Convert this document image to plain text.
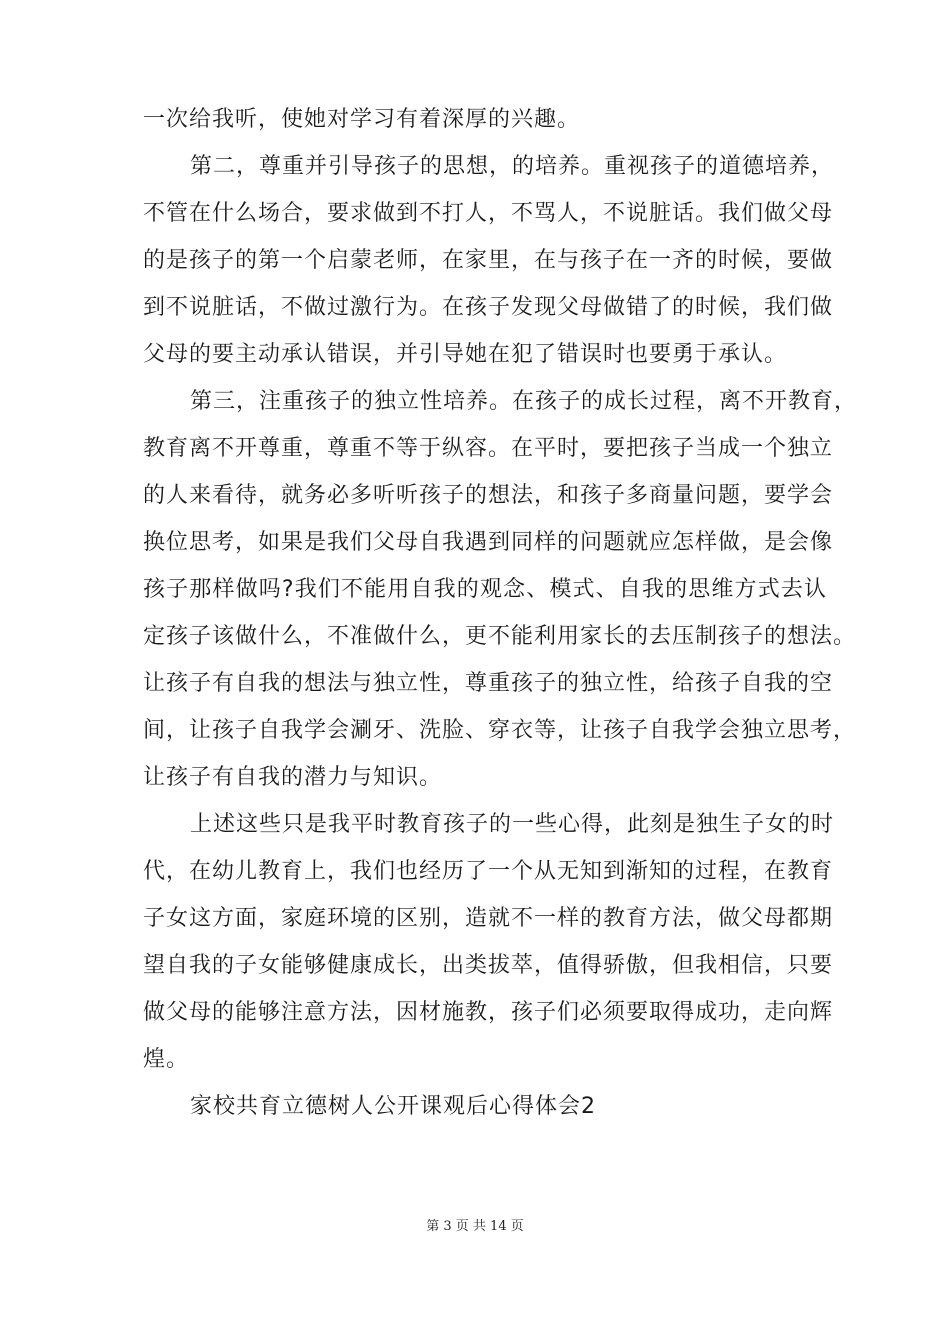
一次给我听，使她对学习有着深厚的兴趣。
第二，尊重并引导孩子的思想，的培养。重视孩子的道德培养，
不管在什么场合，要求做到不打人，不骂人，不说脏话。我们做父母
的是孩子的第一个启蒙老师，在家里，在与孩子在一齐的时候，要做
到不说脏话，不做过激行为。在孩子发现父母做错了的时候，我们做
父母的要主动承认错误，并引导她在犯了错误时也要勇于承认。
第三，注重孩子的独立性培养。在孩子的成长过程，离不开教育，
教育离不开尊重，尊重不等于纵容。在平时，要把孩子当成一个独立
的人来看待，就务必多听听孩子的想法，和孩子多商量问题，要学会
换位思考，如果是我们父母自我遇到同样的问题就应怎样做，是会像
孩子那样做吗?我们不能用自我的观念、模式、自我的思维方式去认
定孩子该做什么，不准做什么，更不能利用家长的去压制孩子的想法。
让孩子有自我的想法与独立性，尊重孩子的独立性，给孩子自我的空
间，让孩子自我学会涮牙、洗脸、穿衣等，让孩子自我学会独立思考，
让孩子有自我的潜力与知识。
上述这些只是我平时教育孩子的一些心得，此刻是独生子女的时
代，在幼儿教育上，我们也经历了一个从无知到渐知的过程，在教育
子女这方面，家庭环境的区别，造就不一样的教育方法，做父母都期
望自我的子女能够健康成长，出类拔萃，值得骄傲，但我相信，只要
做父母的能够注意方法，因材施教，孩子们必须要取得成功，走向辉
煌。
家校共育立德树人公开课观后心得体会2
第 3 页 共 14 页
